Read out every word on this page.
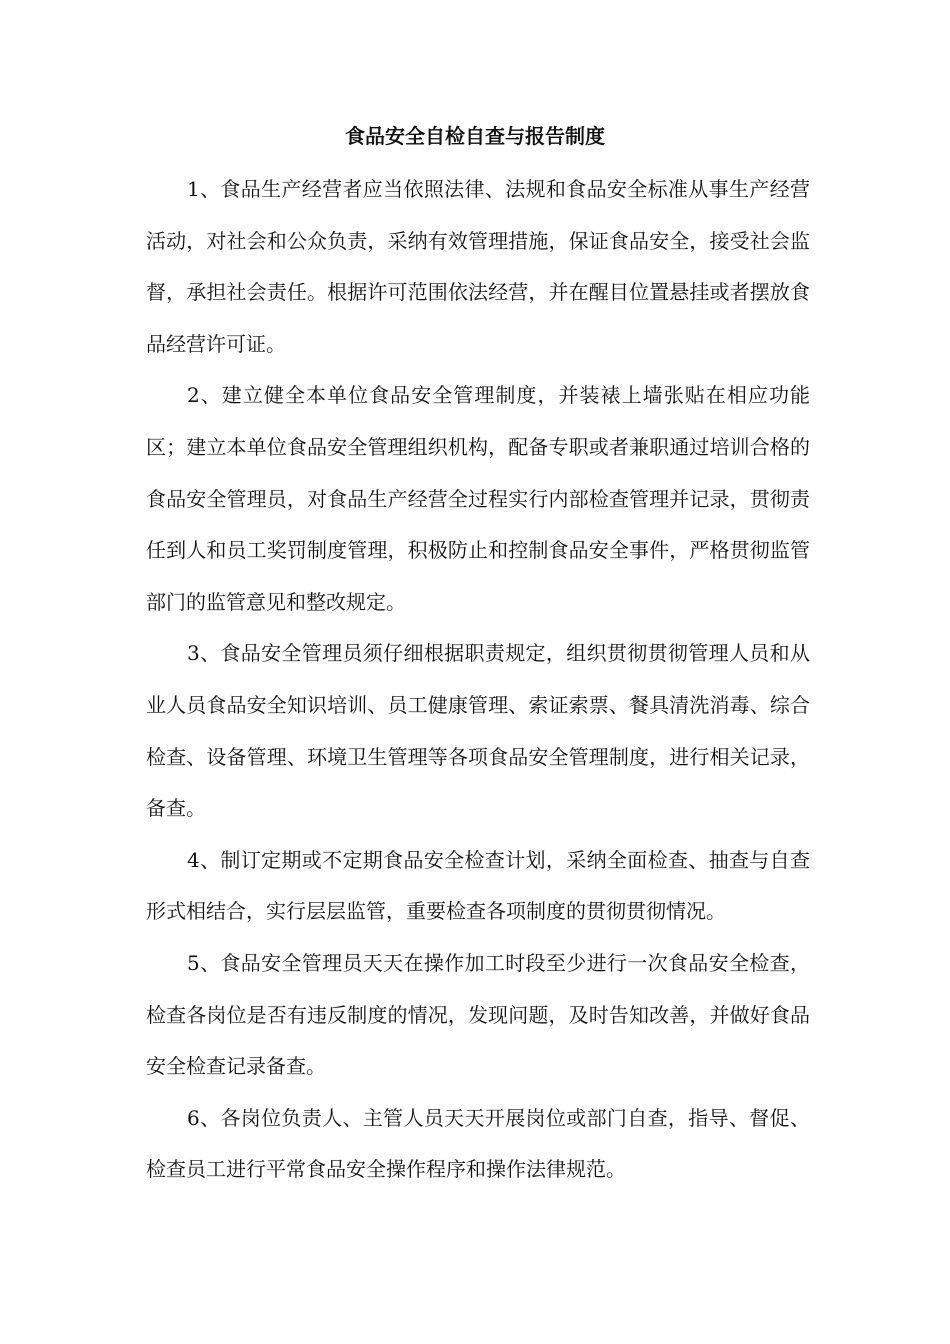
食品安全自检自查与报告制度

1、食品生产经营者应当依照法律、法规和食品安全标准从事生产经营活动，对社会和公众负责，采纳有效管理措施，保证食品安全，接受社会监督，承担社会责任。根据许可范围依法经营，并在醒目位置悬挂或者摆放食品经营许可证。

2、建立健全本单位食品安全管理制度，并装裱上墙张贴在相应功能区；建立本单位食品安全管理组织机构，配备专职或者兼职通过培训合格的食品安全管理员，对食品生产经营全过程实行内部检查管理并记录，贯彻责任到人和员工奖罚制度管理，积极防止和控制食品安全事件，严格贯彻监管部门的监管意见和整改规定。

3、食品安全管理员须仔细根据职责规定，组织贯彻贯彻管理人员和从业人员食品安全知识培训、员工健康管理、索证索票、餐具清洗消毒、综合检查、设备管理、环境卫生管理等各项食品安全管理制度，进行相关记录，备查。

4、制订定期或不定期食品安全检查计划，采纳全面检查、抽查与自查形式相结合，实行层层监管，重要检查各项制度的贯彻贯彻情况。

5、食品安全管理员天天在操作加工时段至少进行一次食品安全检查，检查各岗位是否有违反制度的情况，发现问题，及时告知改善，并做好食品安全检查记录备查。

6、各岗位负责人、主管人员天天开展岗位或部门自查，指导、督促、检查员工进行平常食品安全操作程序和操作法律规范。
